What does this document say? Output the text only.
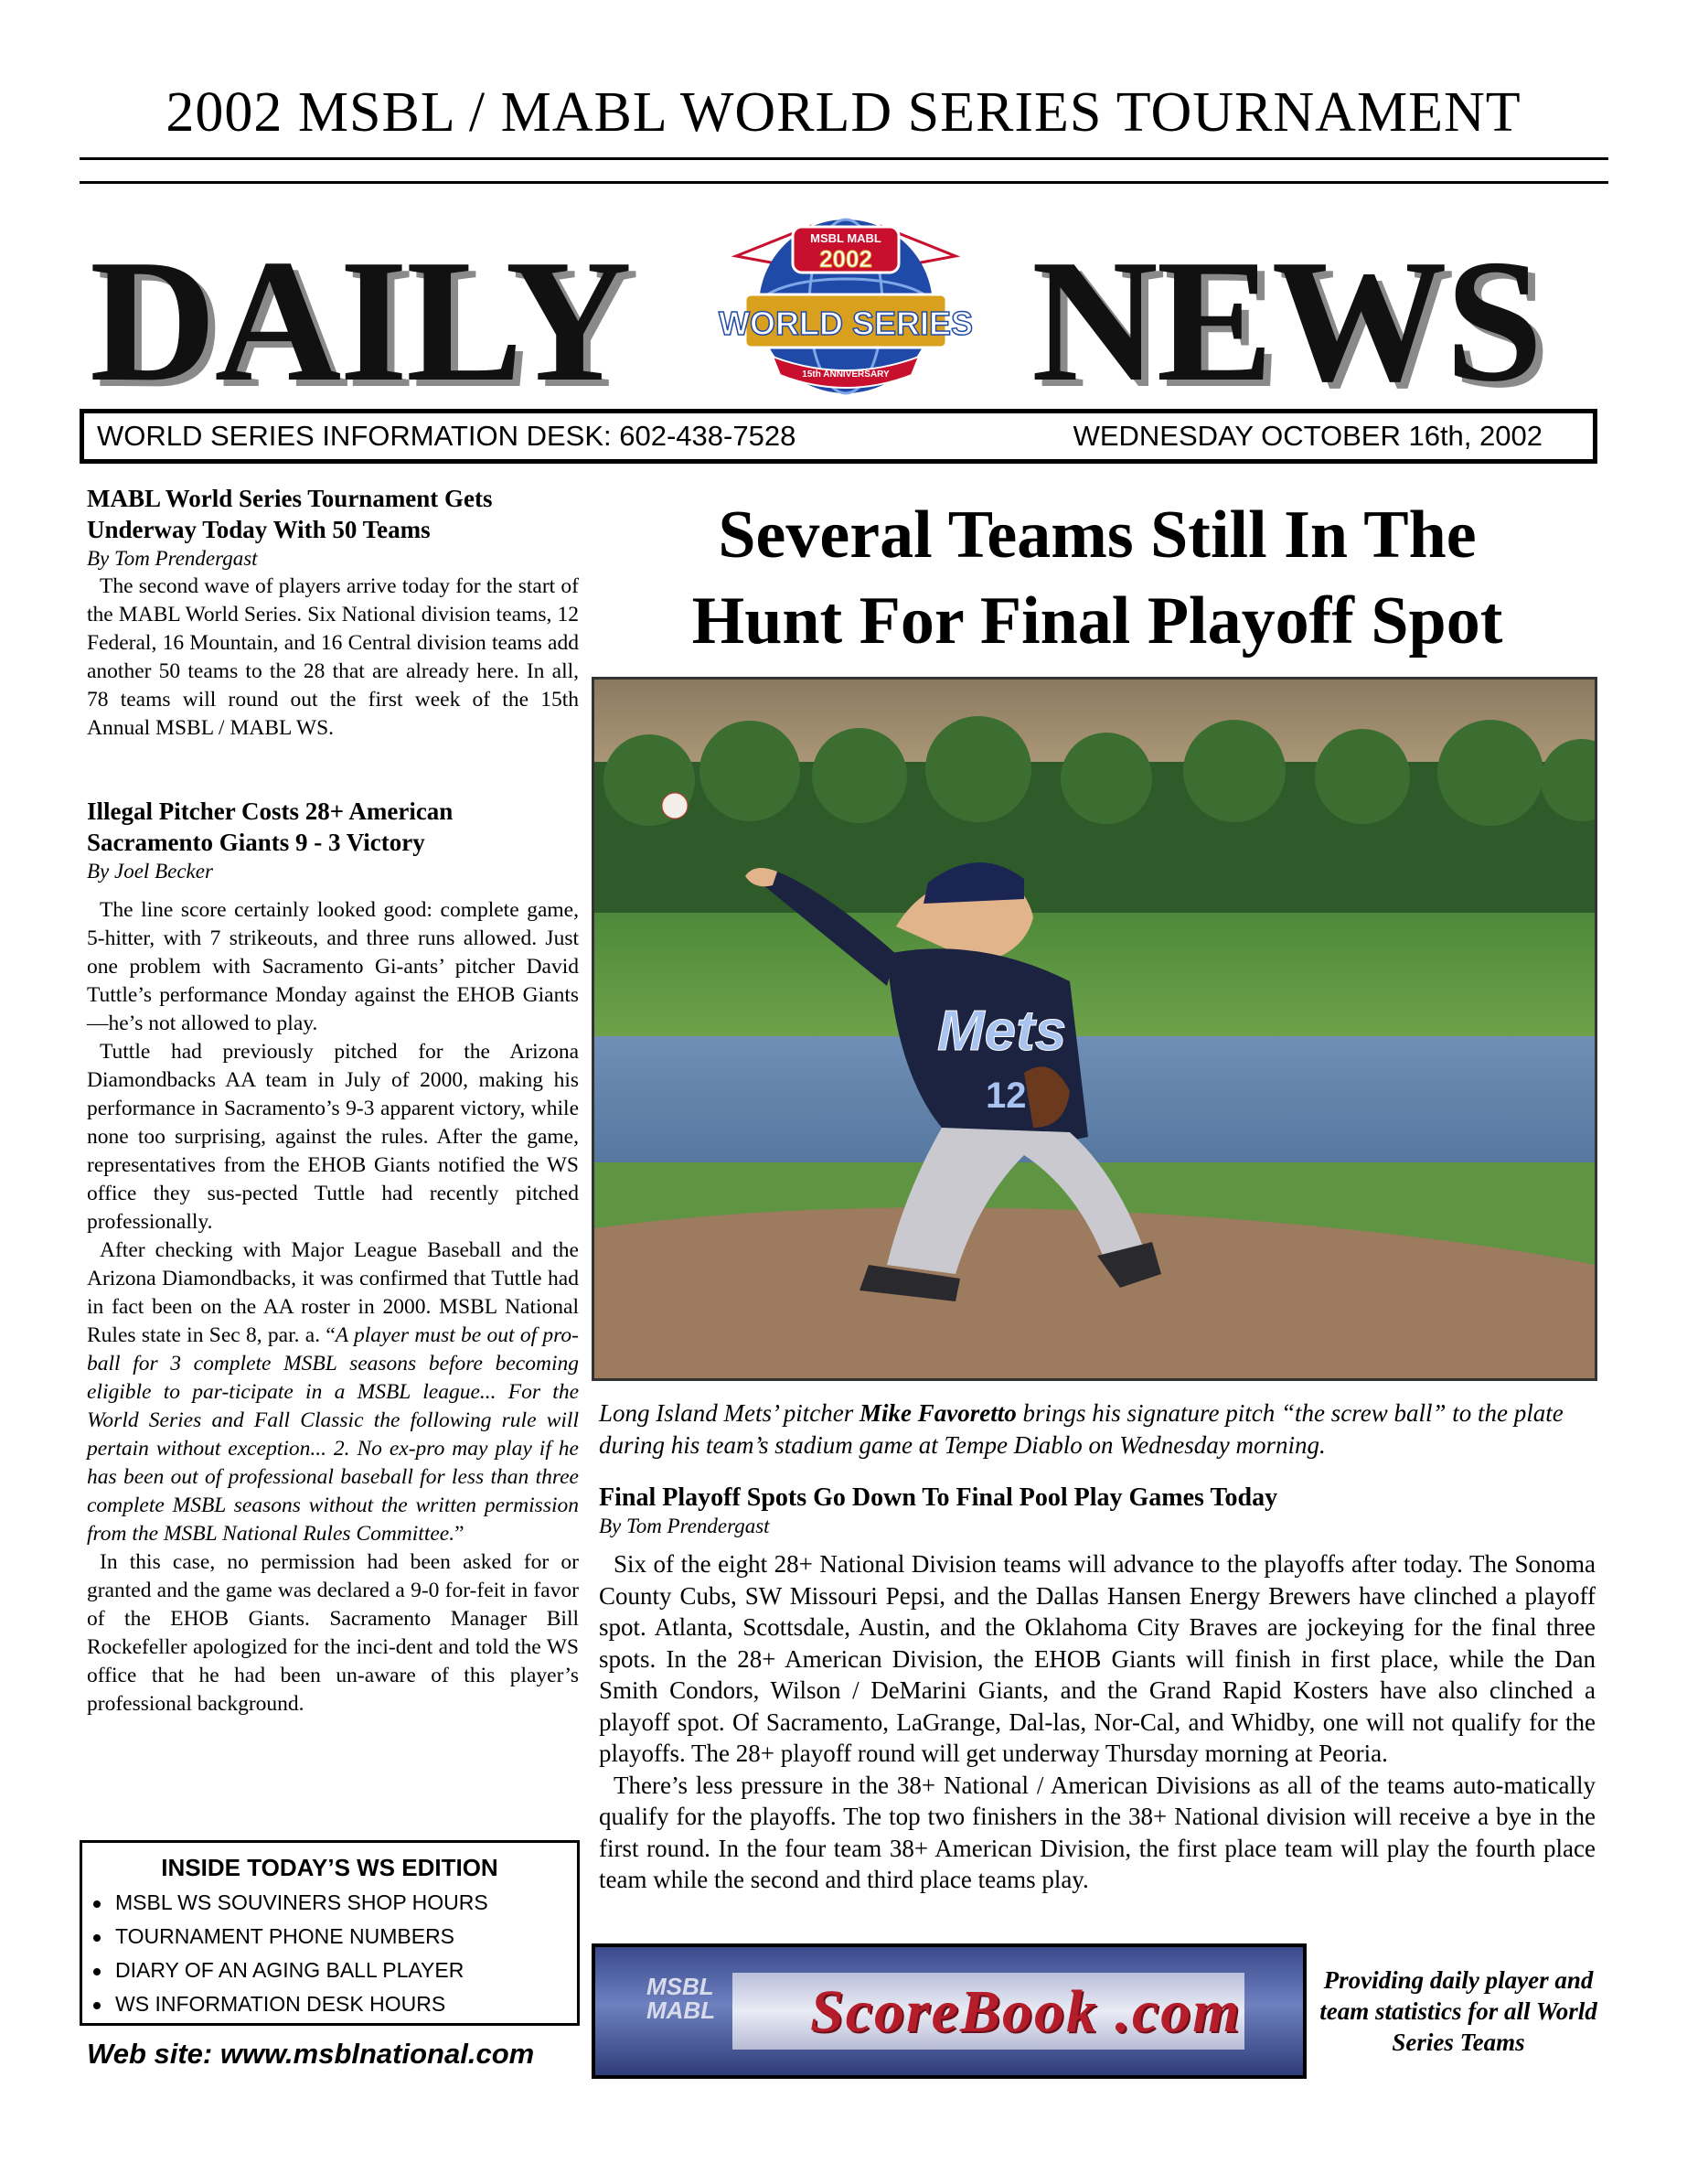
2002 MSBL / MABL WORLD SERIES TOURNAMENT
DAILY NEWS
MSBL MABL
2002
WORLD SERIES
15th ANNIVERSARY
WORLD SERIES INFORMATION DESK: 602-438-7528	WEDNESDAY OCTOBER 16th, 2002
MABL World Series Tournament Gets Underway Today With 50 Teams
By Tom Prendergast

The second wave of players arrive today for the start of the MABL World Series. Six National division teams, 12 Federal, 16 Mountain, and 16 Central division teams add another 50 teams to the 28 that are already here. In all, 78 teams will round out the first week of the 15th Annual MSBL / MABL WS.

Illegal Pitcher Costs 28+ American Sacramento Giants 9 - 3 Victory
By Joel Becker

The line score certainly looked good: complete game, 5-hitter, with 7 strikeouts, and three runs allowed. Just one problem with Sacramento Gi-ants’ pitcher David Tuttle’s performance Monday against the EHOB Giants—he’s not allowed to play.

Tuttle had previously pitched for the Arizona Diamondbacks AA team in July of 2000, making his performance in Sacramento’s 9-3 apparent victory, while none too surprising, against the rules. After the game, representatives from the EHOB Giants notified the WS office they sus-pected Tuttle had recently pitched professionally.

After checking with Major League Baseball and the Arizona Diamondbacks, it was confirmed that Tuttle had in fact been on the AA roster in 2000. MSBL National Rules state in Sec 8, par. a. “A player must be out of pro-ball for 3 complete MSBL seasons before becoming eligible to par-ticipate in a MSBL league... For the World Series and Fall Classic the following rule will pertain without exception... 2. No ex-pro may play if he has been out of professional baseball for less than three complete MSBL seasons without the written permission from the MSBL National Rules Committee.”

In this case, no permission had been asked for or granted and the game was declared a 9-0 for-feit in favor of the EHOB Giants. Sacramento Manager Bill Rockefeller apologized for the inci-dent and told the WS office that he had been un-aware of this player’s professional background.

INSIDE TODAY’S WS EDITION
MSBL WS SOUVINERS SHOP HOURS
TOURNAMENT PHONE NUMBERS
DIARY OF AN AGING BALL PLAYER
WS INFORMATION DESK HOURS
Web site: www.msblnational.com
Several Teams Still In The
Hunt For Final Playoff Spot
Mets
12
Long Island Mets’ pitcher Mike Favoretto brings his signature pitch “the screw ball” to the plate during his team’s stadium game at Tempe Diablo on Wednesday morning.
Final Playoff Spots Go Down To Final Pool Play Games Today
By Tom Prendergast

Six of the eight 28+ National Division teams will advance to the playoffs after today. The Sonoma County Cubs, SW Missouri Pepsi, and the Dallas Hansen Energy Brewers have clinched a playoff spot. Atlanta, Scottsdale, Austin, and the Oklahoma City Braves are jockeying for the final three spots. In the 28+ American Division, the EHOB Giants will finish in first place, while the Dan Smith Condors, Wilson / DeMarini Giants, and the Grand Rapid Kosters have also clinched a playoff spot. Of Sacramento, LaGrange, Dal-las, Nor-Cal, and Whidby, one will not qualify for the playoffs. The 28+ playoff round will get underway Thursday morning at Peoria.

There’s less pressure in the 38+ National / American Divisions as all of the teams auto-matically qualify for the playoffs. The top two finishers in the 38+ National division will receive a bye in the first round. In the four team 38+ American Division, the first place team will play the fourth place team while the second and third place teams play.

MSBL
MABL ScoreBook .com	Providing daily player and team statistics for all World Series Teams
